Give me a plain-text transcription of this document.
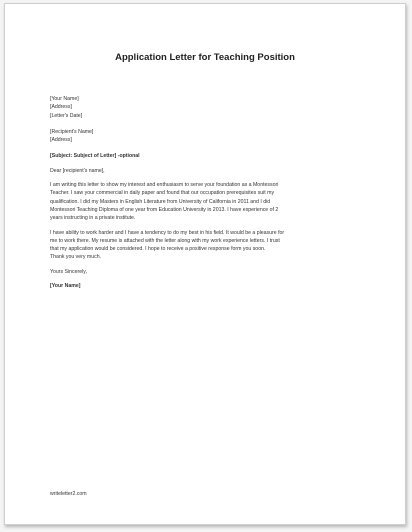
Application Letter for Teaching Position
[Your Name]
[Address]
[Letter's Date]
[Recipient's Name]
[Address]
[Subject: Subject of Letter] -optional
Dear [recipient's name],
I am writing this letter to show my interest and enthusiasm to serve your foundation as a Montessori
Teacher. I saw your commercial in daily paper and found that our occupation prerequisites suit my
qualification. I did my Masters in English Literature from University of California in 2011 and I did
Montessori Teaching Diploma of one year from Education University in 2013. I have experience of 2
years instructing in a private institute.
I have ability to work harder and I have a tendency to do my best in his field. It would be a pleasure for
me to work there. My resume is attached with the letter along with my work experience letters. I trust
that my application would be considered. I hope to receive a positive response form you soon.
Thank you very much.
Yours Sincerely,
[Your Name]
writeletter2.com
